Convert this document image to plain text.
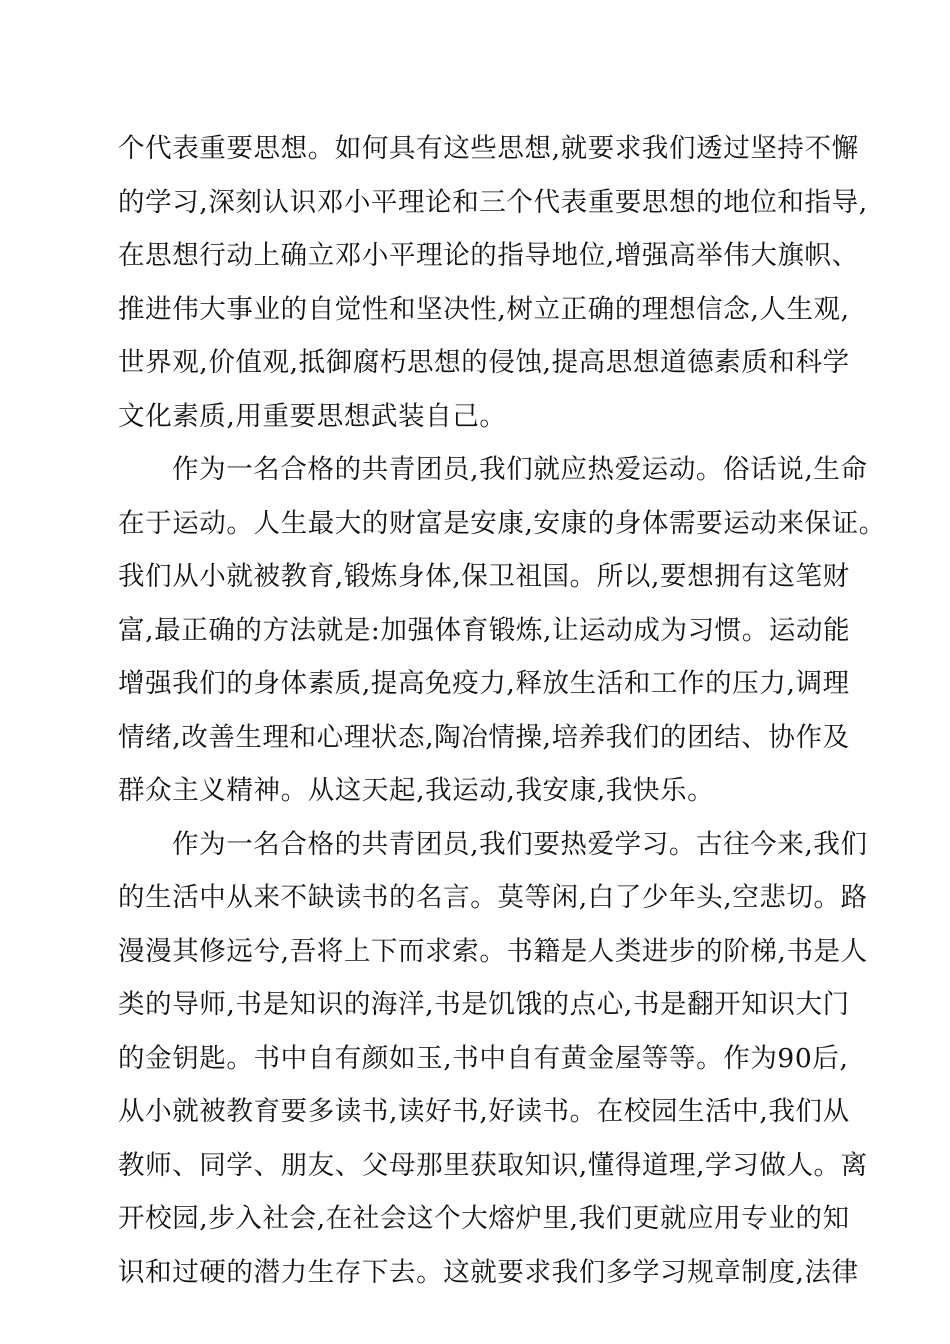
个代表重要思想。如何具有这些思想,就要求我们透过坚持不懈
的学习,深刻认识邓小平理论和三个代表重要思想的地位和指导,
在思想行动上确立邓小平理论的指导地位,增强高举伟大旗帜、
推进伟大事业的自觉性和坚决性,树立正确的理想信念,人生观,
世界观,价值观,抵御腐朽思想的侵蚀,提高思想道德素质和科学
文化素质,用重要思想武装自己。
作为一名合格的共青团员,我们就应热爱运动。俗话说,生命
在于运动。人生最大的财富是安康,安康的身体需要运动来保证。
我们从小就被教育,锻炼身体,保卫祖国。所以,要想拥有这笔财
富,最正确的方法就是:加强体育锻炼,让运动成为习惯。运动能
增强我们的身体素质,提高免疫力,释放生活和工作的压力,调理
情绪,改善生理和心理状态,陶冶情操,培养我们的团结、协作及
群众主义精神。从这天起,我运动,我安康,我快乐。
作为一名合格的共青团员,我们要热爱学习。古往今来,我们
的生活中从来不缺读书的名言。莫等闲,白了少年头,空悲切。路
漫漫其修远兮,吾将上下而求索。书籍是人类进步的阶梯,书是人
类的导师,书是知识的海洋,书是饥饿的点心,书是翻开知识大门
的金钥匙。书中自有颜如玉,书中自有黄金屋等等。作为90后,
从小就被教育要多读书,读好书,好读书。在校园生活中,我们从
教师、同学、朋友、父母那里获取知识,懂得道理,学习做人。离
开校园,步入社会,在社会这个大熔炉里,我们更就应用专业的知
识和过硬的潜力生存下去。这就要求我们多学习规章制度,法律
